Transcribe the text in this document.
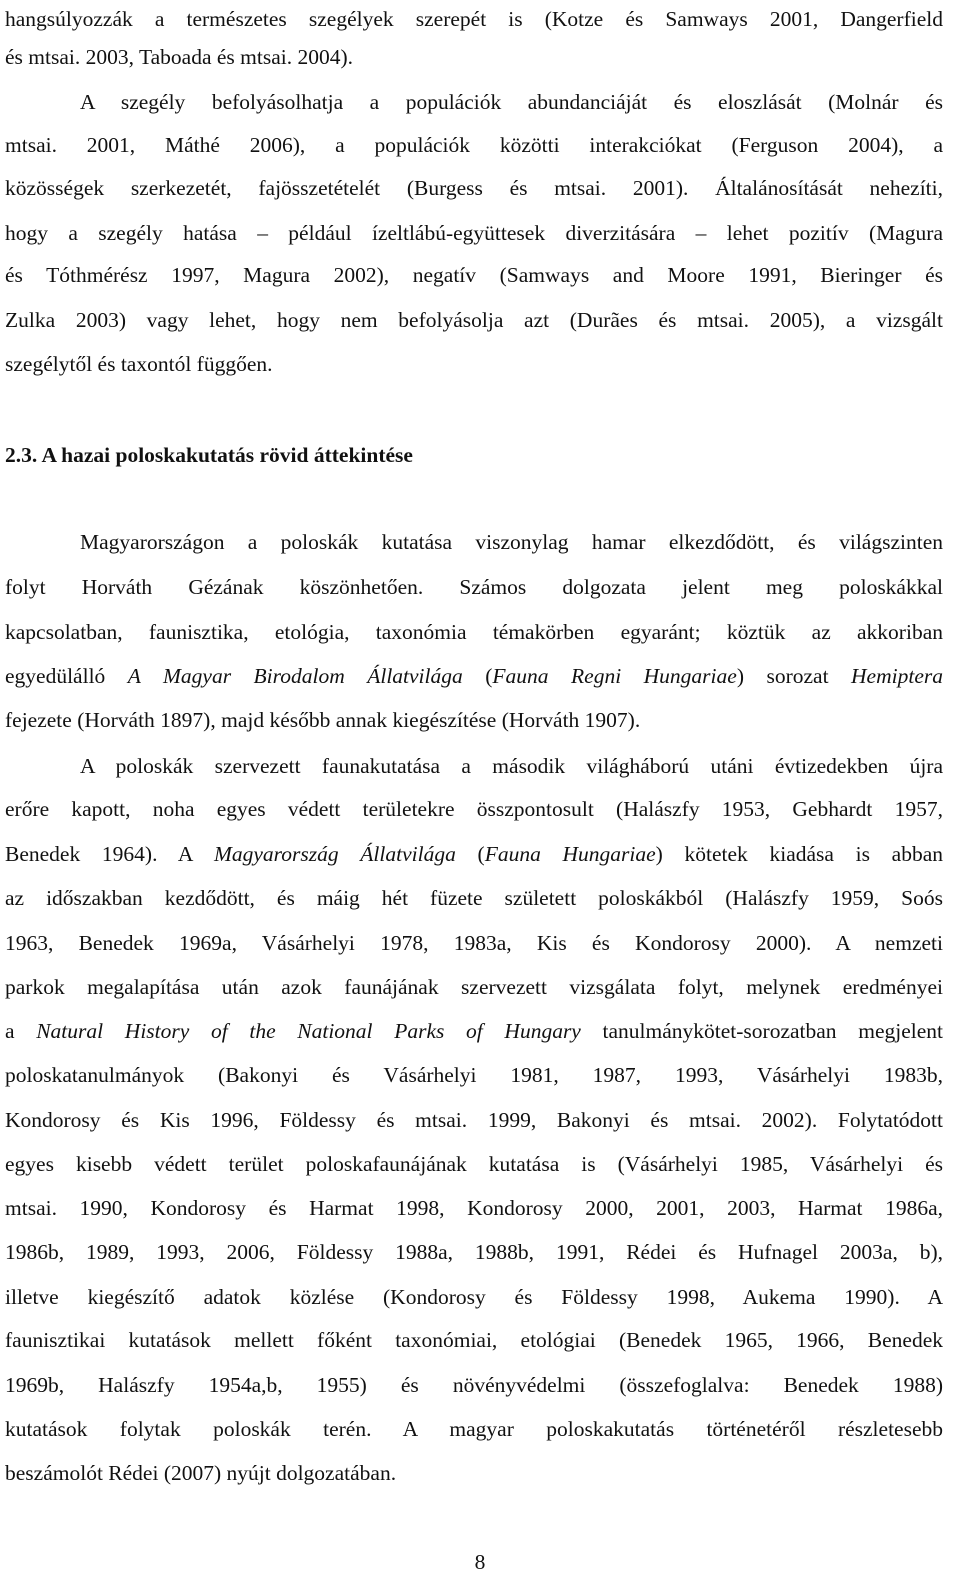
hangsúlyozzák a természetes szegélyek szerepét is (Kotze és Samways 2001, Dangerfield
és mtsai. 2003, Taboada és mtsai. 2004).
A szegély befolyásolhatja a populációk abundanciáját és eloszlását (Molnár és
mtsai. 2001, Máthé 2006), a populációk közötti interakciókat (Ferguson 2004), a
közösségek szerkezetét, fajösszetételét (Burgess és mtsai. 2001). Általánosítását nehezíti,
hogy a szegély hatása – például ízeltlábú-együttesek diverzitására – lehet pozitív (Magura
és Tóthmérész 1997, Magura 2002), negatív (Samways and Moore 1991, Bieringer és
Zulka 2003) vagy lehet, hogy nem befolyásolja azt (Durães és mtsai. 2005), a vizsgált
szegélytől és taxontól függően.
2.3. A hazai poloskakutatás rövid áttekintése
Magyarországon a poloskák kutatása viszonylag hamar elkezdődött, és világszinten
folyt Horváth Gézának köszönhetően. Számos dolgozata jelent meg poloskákkal
kapcsolatban, faunisztika, etológia, taxonómia témakörben egyaránt; köztük az akkoriban
egyedülálló A Magyar Birodalom Állatvilága (Fauna Regni Hungariae) sorozat Hemiptera
fejezete (Horváth 1897), majd később annak kiegészítése (Horváth 1907).
A poloskák szervezett faunakutatása a második világháború utáni évtizedekben újra
erőre kapott, noha egyes védett területekre összpontosult (Halászfy 1953, Gebhardt 1957,
Benedek 1964). A Magyarország Állatvilága (Fauna Hungariae) kötetek kiadása is abban
az időszakban kezdődött, és máig hét füzete született poloskákból (Halászfy 1959, Soós
1963, Benedek 1969a, Vásárhelyi 1978, 1983a, Kis és Kondorosy 2000). A nemzeti
parkok megalapítása után azok faunájának szervezett vizsgálata folyt, melynek eredményei
a Natural History of the National Parks of Hungary tanulmánykötet-sorozatban megjelent
poloskatanulmányok (Bakonyi és Vásárhelyi 1981, 1987, 1993, Vásárhelyi 1983b,
Kondorosy és Kis 1996, Földessy és mtsai. 1999, Bakonyi és mtsai. 2002). Folytatódott
egyes kisebb védett terület poloskafaunájának kutatása is (Vásárhelyi 1985, Vásárhelyi és
mtsai. 1990, Kondorosy és Harmat 1998, Kondorosy 2000, 2001, 2003, Harmat 1986a,
1986b, 1989, 1993, 2006, Földessy 1988a, 1988b, 1991, Rédei és Hufnagel 2003a, b),
illetve kiegészítő adatok közlése (Kondorosy és Földessy 1998, Aukema 1990). A
faunisztikai kutatások mellett főként taxonómiai, etológiai (Benedek 1965, 1966, Benedek
1969b, Halászfy 1954a,b, 1955) és növényvédelmi (összefoglalva: Benedek 1988)
kutatások folytak poloskák terén. A magyar poloskakutatás történetéről részletesebb
beszámolót Rédei (2007) nyújt dolgozatában.
8
